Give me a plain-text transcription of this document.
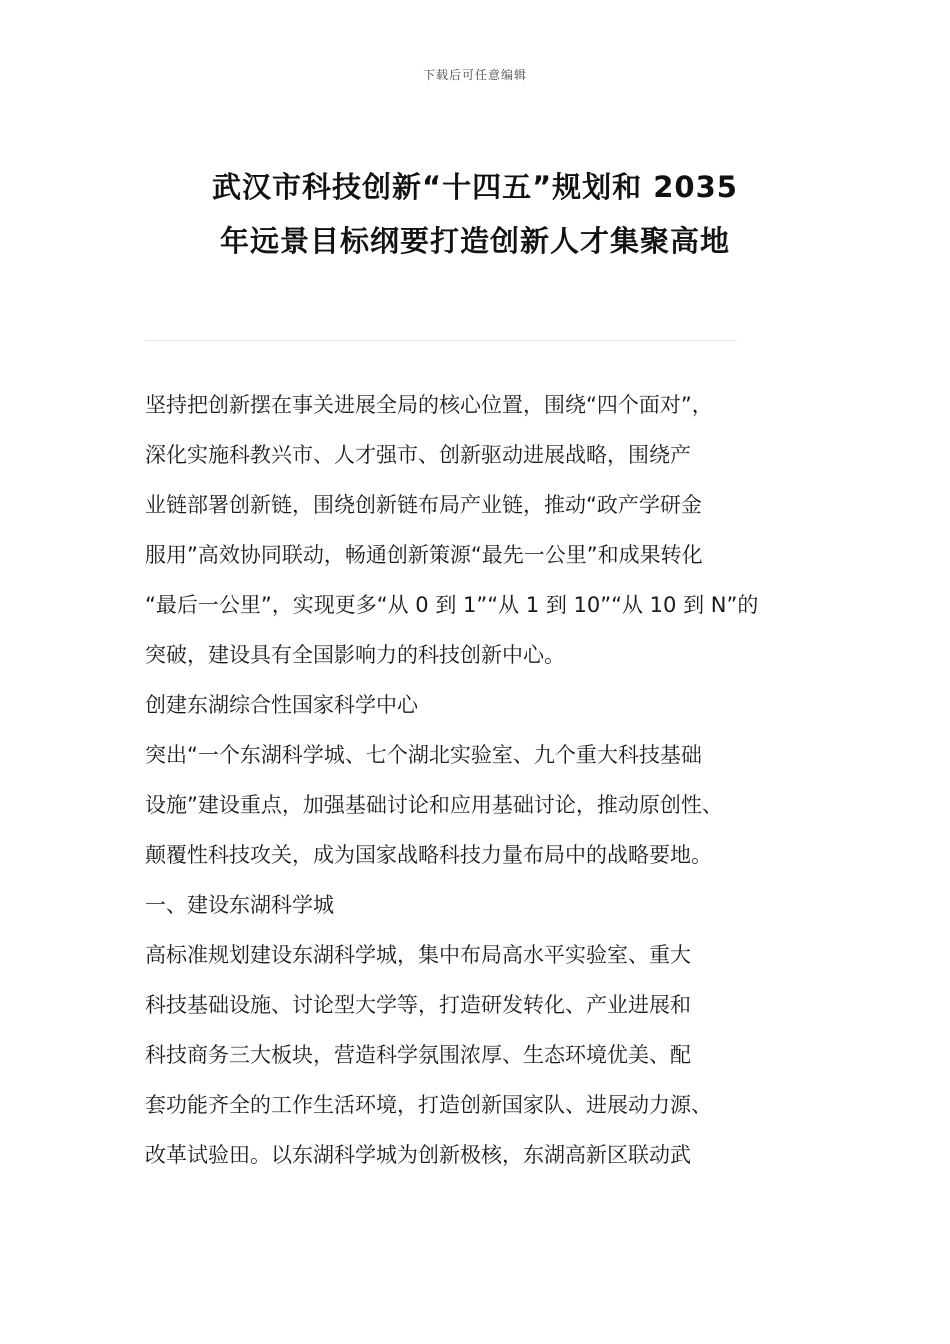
下载后可任意编辑
武汉市科技创新“十四五”规划和 2035
年远景目标纲要打造创新人才集聚高地
坚持把创新摆在事关进展全局的核心位置，围绕“四个面对”，
深化实施科教兴市、人才强市、创新驱动进展战略，围绕产
业链部署创新链，围绕创新链布局产业链，推动“政产学研金
服用”高效协同联动，畅通创新策源“最先一公里”和成果转化
“最后一公里”，实现更多“从 0 到 1”“从 1 到 10”“从 10 到 N”的
突破，建设具有全国影响力的科技创新中心。
创建东湖综合性国家科学中心
突出“一个东湖科学城、七个湖北实验室、九个重大科技基础
设施”建设重点，加强基础讨论和应用基础讨论，推动原创性、
颠覆性科技攻关，成为国家战略科技力量布局中的战略要地。
一、建设东湖科学城
高标准规划建设东湖科学城，集中布局高水平实验室、重大
科技基础设施、讨论型大学等，打造研发转化、产业进展和
科技商务三大板块，营造科学氛围浓厚、生态环境优美、配
套功能齐全的工作生活环境，打造创新国家队、进展动力源、
改革试验田。以东湖科学城为创新极核，东湖高新区联动武
